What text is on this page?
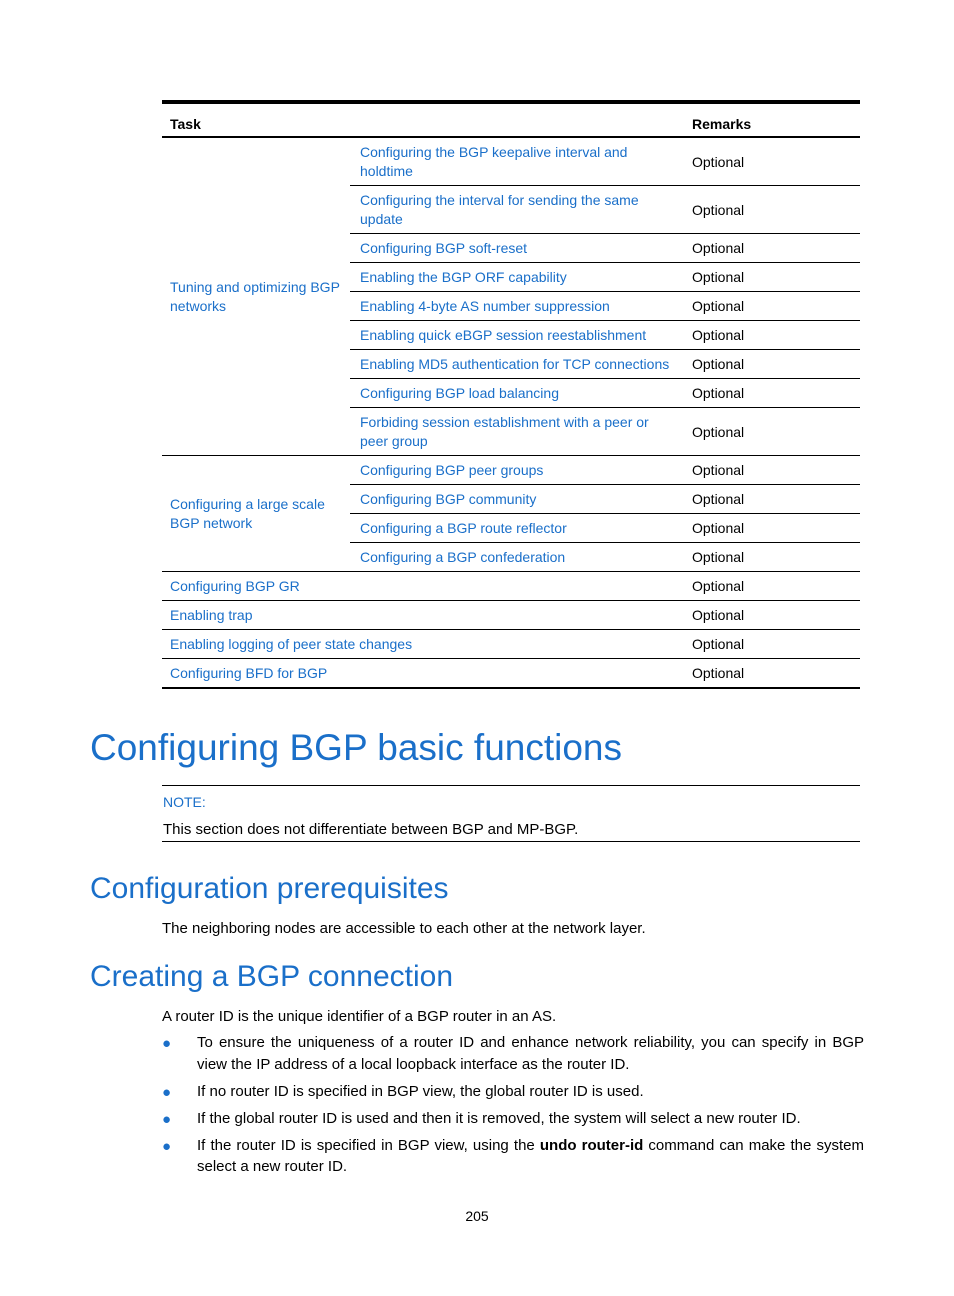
Task		Remarks
Tuning and optimizing BGP networks	Configuring the BGP keepalive interval and holdtime	Optional
	Configuring the interval for sending the same update	Optional
	Configuring BGP soft-reset	Optional
	Enabling the BGP ORF capability	Optional
	Enabling 4-byte AS number suppression	Optional
	Enabling quick eBGP session reestablishment	Optional
	Enabling MD5 authentication for TCP connections	Optional
	Configuring BGP load balancing	Optional
	Forbiding session establishment with a peer or peer group	Optional
Configuring a large scale BGP network	Configuring BGP peer groups	Optional
	Configuring BGP community	Optional
	Configuring a BGP route reflector	Optional
	Configuring a BGP confederation	Optional
Configuring BGP GR		Optional
Enabling trap		Optional
Enabling logging of peer state changes		Optional
Configuring BFD for BGP		Optional
Configuring BGP basic functions
NOTE:
This section does not differentiate between BGP and MP-BGP.
Configuration prerequisites

The neighboring nodes are accessible to each other at the network layer.

Creating a BGP connection

A router ID is the unique identifier of a BGP router in an AS.

● To ensure the uniqueness of a router ID and enhance network reliability, you can specify in BGP view the IP address of a local loopback interface as the router ID.
● If no router ID is specified in BGP view, the global router ID is used.
● If the global router ID is used and then it is removed, the system will select a new router ID.
● If the router ID is specified in BGP view, using the undo router-id command can make the system select a new router ID.
205
